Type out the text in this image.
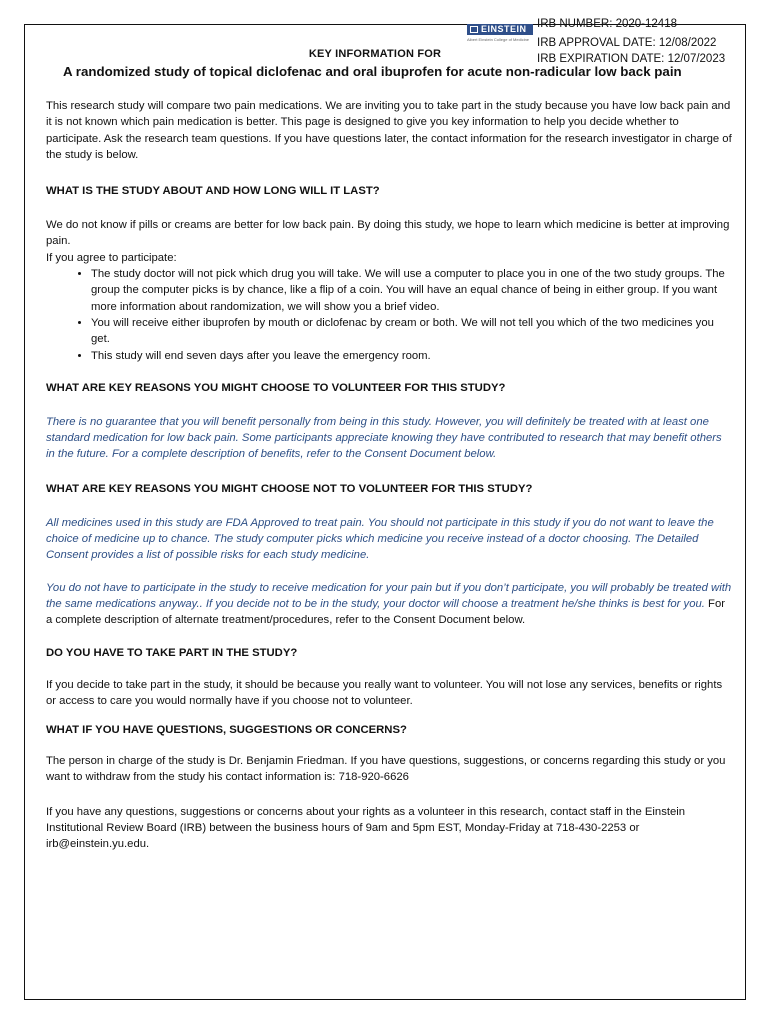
EINSTEIN
Albert Einstein College of Medicine
IRB NUMBER: 2020-12418
IRB APPROVAL DATE: 12/08/2022
IRB EXPIRATION DATE: 12/07/2023
KEY INFORMATION FOR
A randomized study of topical diclofenac and oral ibuprofen for acute non-radicular low back pain

This research study will compare two pain medications. We are inviting you to take part in the study because you have low back pain and it is not known which pain medication is better. This page is designed to give you key information to help you decide whether to participate. Ask the research team questions. If you have questions later, the contact information for the research investigator in charge of the study is below.

WHAT IS THE STUDY ABOUT AND HOW LONG WILL IT LAST?

We do not know if pills or creams are better for low back pain. By doing this study, we hope to learn which medicine is better at improving pain.

If you agree to participate:

• The study doctor will not pick which drug you will take. We will use a computer to place you in one of the two study groups. The group the computer picks is by chance, like a flip of a coin. You will have an equal chance of being in either group. If you want more information about randomization, we will show you a brief video.
• You will receive either ibuprofen by mouth or diclofenac by cream or both. We will not tell you which of the two medicines you get.
• This study will end seven days after you leave the emergency room.
WHAT ARE KEY REASONS YOU MIGHT CHOOSE TO VOLUNTEER FOR THIS STUDY?

There is no guarantee that you will benefit personally from being in this study. However, you will definitely be treated with at least one standard medication for low back pain. Some participants appreciate knowing they have contributed to research that may benefit others in the future. For a complete description of benefits, refer to the Consent Document below.

WHAT ARE KEY REASONS YOU MIGHT CHOOSE NOT TO VOLUNTEER FOR THIS STUDY?

All medicines used in this study are FDA Approved to treat pain. You should not participate in this study if you do not want to leave the choice of medicine up to chance. The study computer picks which medicine you receive instead of a doctor choosing. The Detailed Consent provides a list of possible risks for each study medicine.

You do not have to participate in the study to receive medication for your pain but if you don’t participate, you will probably be treated with the same medications anyway.. If you decide not to be in the study, your doctor will choose a treatment he/she thinks is best for you. For a complete description of alternate treatment/procedures, refer to the Consent Document below.

DO YOU HAVE TO TAKE PART IN THE STUDY?

If you decide to take part in the study, it should be because you really want to volunteer. You will not lose any services, benefits or rights or access to care you would normally have if you choose not to volunteer.

WHAT IF YOU HAVE QUESTIONS, SUGGESTIONS OR CONCERNS?

The person in charge of the study is Dr. Benjamin Friedman. If you have questions, suggestions, or concerns regarding this study or you want to withdraw from the study his contact information is: 718-920-6626

If you have any questions, suggestions or concerns about your rights as a volunteer in this research, contact staff in the Einstein Institutional Review Board (IRB) between the business hours of 9am and 5pm EST, Monday-Friday at 718-430-2253 or irb@einstein.yu.edu.
